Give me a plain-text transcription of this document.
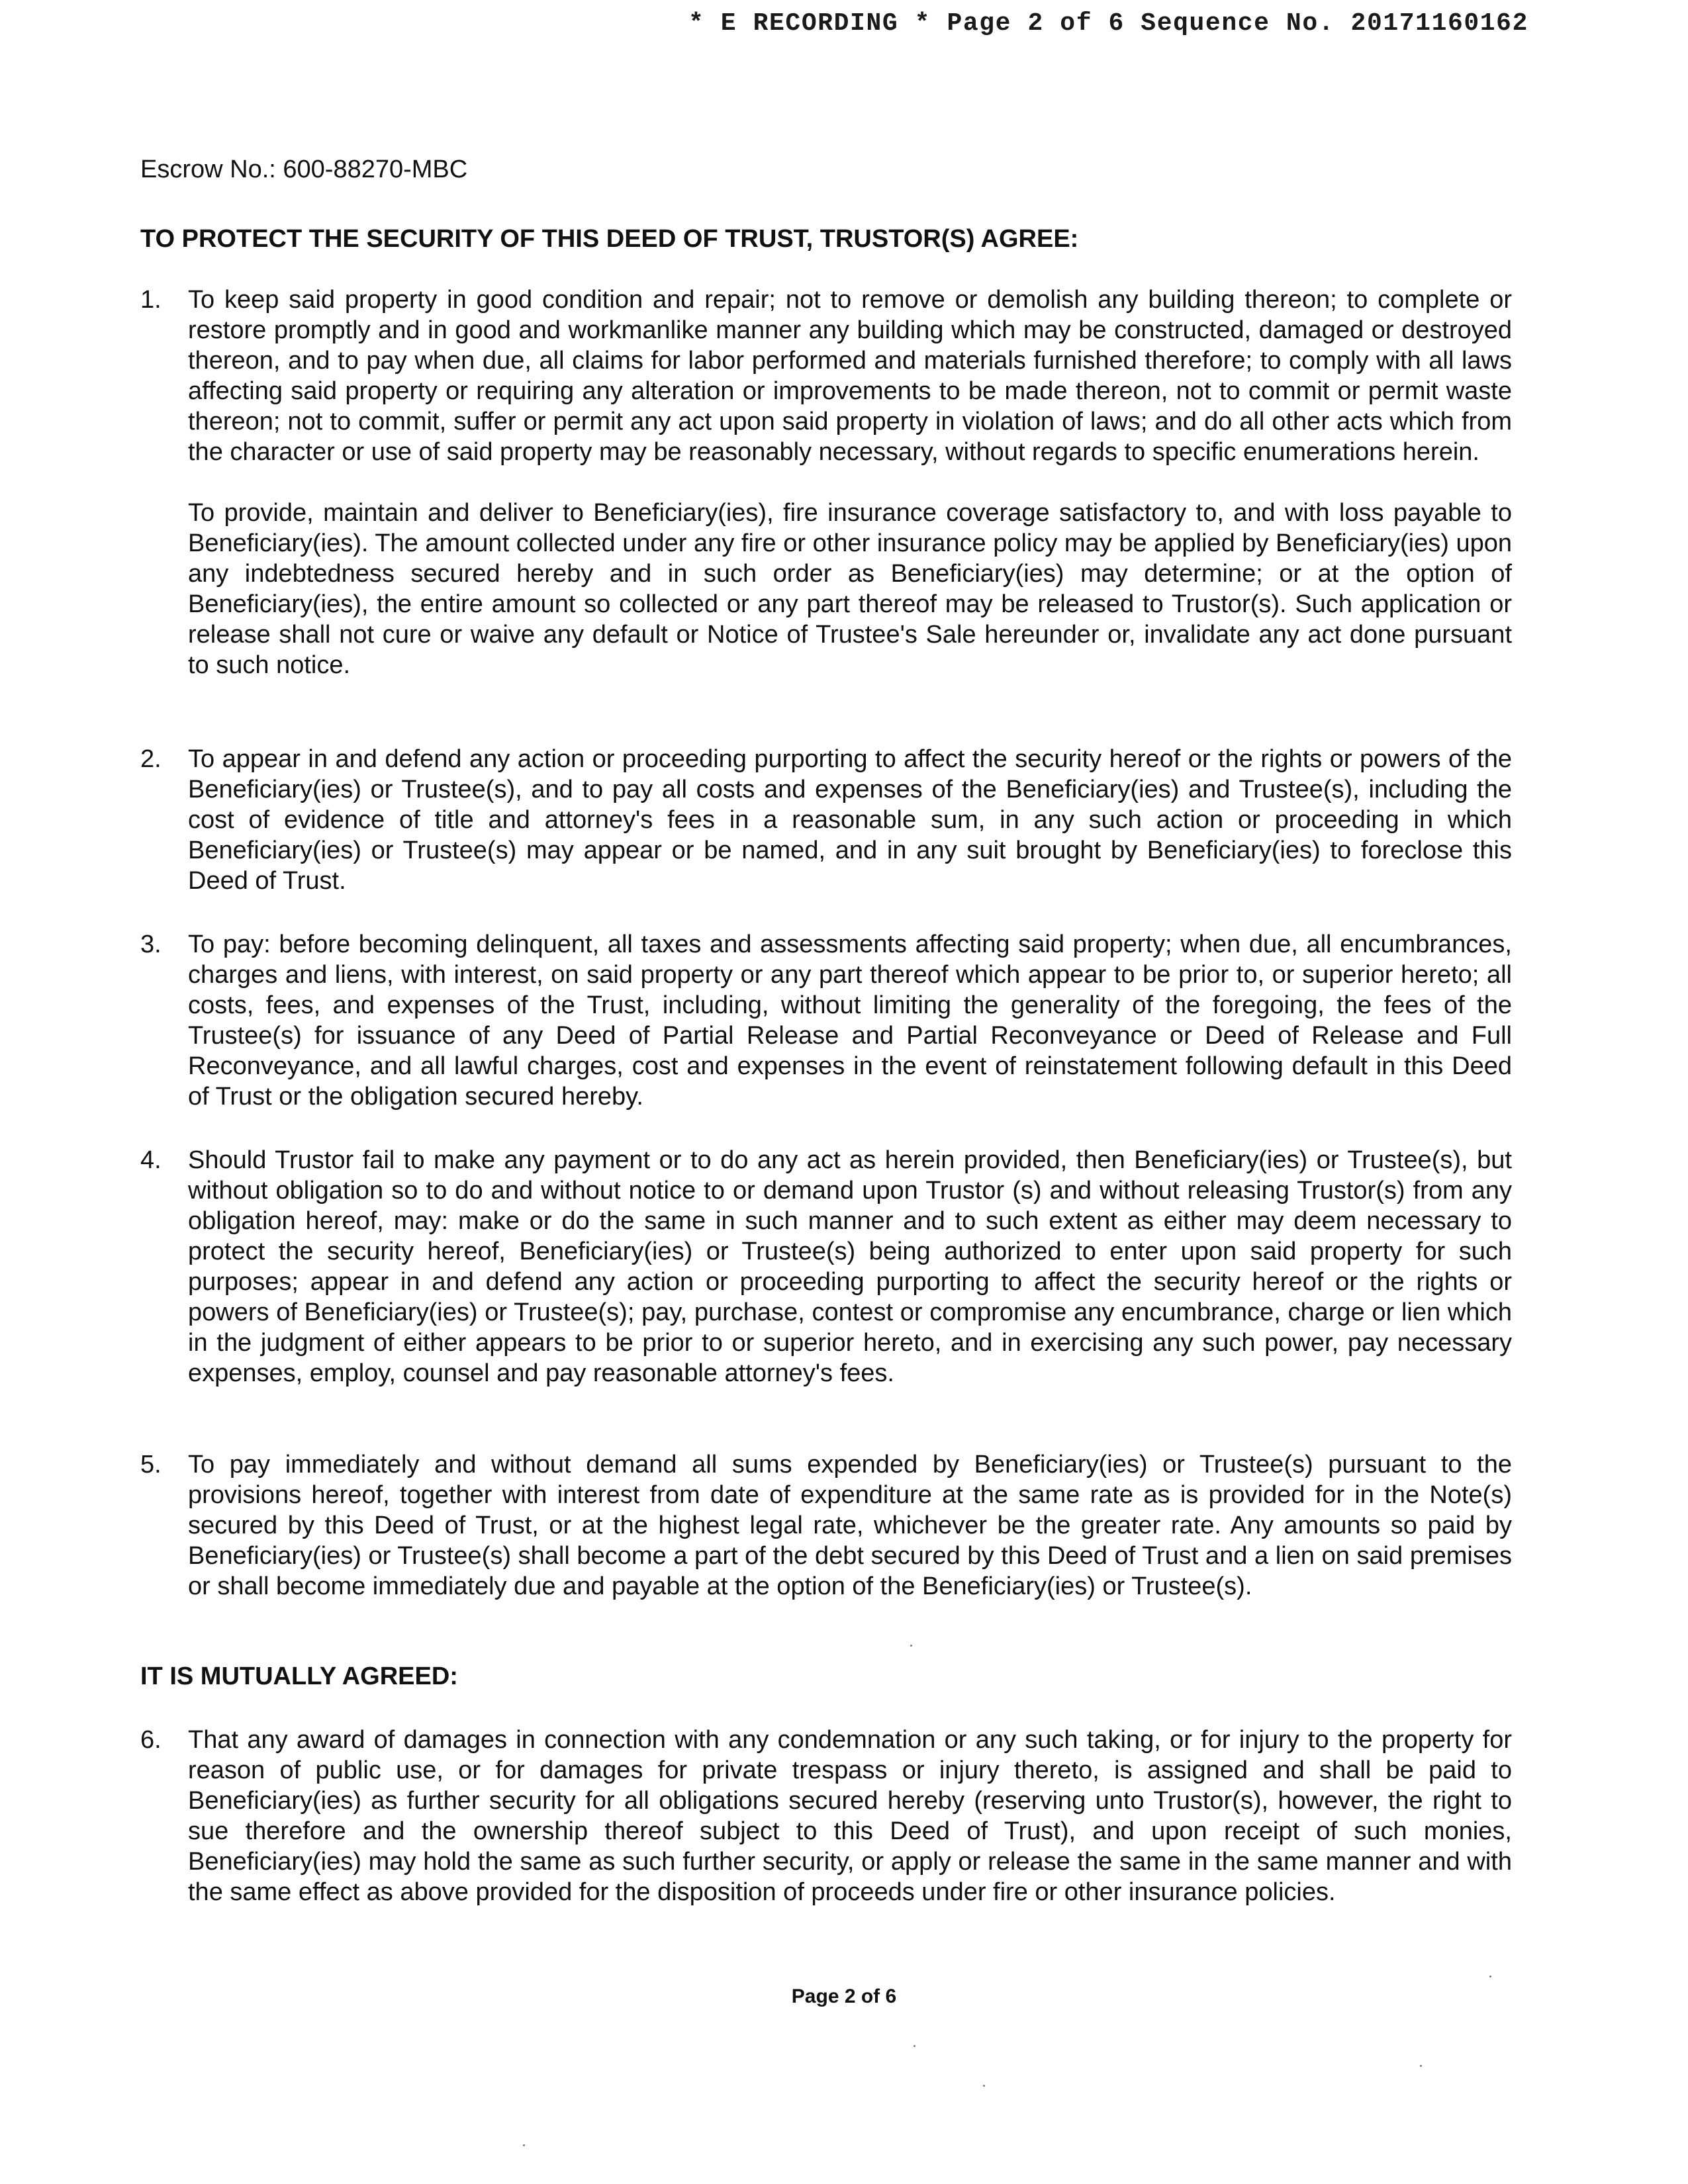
* E RECORDING * Page 2 of 6 Sequence No. 20171160162
Escrow No.: 600-88270-MBC
TO PROTECT THE SECURITY OF THIS DEED OF TRUST, TRUSTOR(S) AGREE:
1. To keep said property in good condition and repair; not to remove or demolish any building thereon; to complete or restore promptly and in good and workmanlike manner any building which may be constructed, damaged or destroyed thereon, and to pay when due, all claims for labor performed and materials furnished therefore; to comply with all laws affecting said property or requiring any alteration or improvements to be made thereon, not to commit or permit waste thereon; not to commit, suffer or permit any act upon said property in violation of laws; and do all other acts which from the character or use of said property may be reasonably necessary, without regards to specific enumerations herein.

To provide, maintain and deliver to Beneficiary(ies), fire insurance coverage satisfactory to, and with loss payable to Beneficiary(ies). The amount collected under any fire or other insurance policy may be applied by Beneficiary(ies) upon any indebtedness secured hereby and in such order as Beneficiary(ies) may determine; or at the option of Beneficiary(ies), the entire amount so collected or any part thereof may be released to Trustor(s). Such application or release shall not cure or waive any default or Notice of Trustee's Sale hereunder or, invalidate any act done pursuant to such notice.

2. To appear in and defend any action or proceeding purporting to affect the security hereof or the rights or powers of the Beneficiary(ies) or Trustee(s), and to pay all costs and expenses of the Beneficiary(ies) and Trustee(s), including the cost of evidence of title and attorney's fees in a reasonable sum, in any such action or proceeding in which Beneficiary(ies) or Trustee(s) may appear or be named, and in any suit brought by Beneficiary(ies) to foreclose this Deed of Trust.

3. To pay: before becoming delinquent, all taxes and assessments affecting said property; when due, all encumbrances, charges and liens, with interest, on said property or any part thereof which appear to be prior to, or superior hereto; all costs, fees, and expenses of the Trust, including, without limiting the generality of the foregoing, the fees of the Trustee(s) for issuance of any Deed of Partial Release and Partial Reconveyance or Deed of Release and Full Reconveyance, and all lawful charges, cost and expenses in the event of reinstatement following default in this Deed of Trust or the obligation secured hereby.

4. Should Trustor fail to make any payment or to do any act as herein provided, then Beneficiary(ies) or Trustee(s), but without obligation so to do and without notice to or demand upon Trustor (s) and without releasing Trustor(s) from any obligation hereof, may: make or do the same in such manner and to such extent as either may deem necessary to protect the security hereof, Beneficiary(ies) or Trustee(s) being authorized to enter upon said property for such purposes; appear in and defend any action or proceeding purporting to affect the security hereof or the rights or powers of Beneficiary(ies) or Trustee(s); pay, purchase, contest or compromise any encumbrance, charge or lien which in the judgment of either appears to be prior to or superior hereto, and in exercising any such power, pay necessary expenses, employ, counsel and pay reasonable attorney's fees.

5. To pay immediately and without demand all sums expended by Beneficiary(ies) or Trustee(s) pursuant to the provisions hereof, together with interest from date of expenditure at the same rate as is provided for in the Note(s) secured by this Deed of Trust, or at the highest legal rate, whichever be the greater rate. Any amounts so paid by Beneficiary(ies) or Trustee(s) shall become a part of the debt secured by this Deed of Trust and a lien on said premises or shall become immediately due and payable at the option of the Beneficiary(ies) or Trustee(s).

IT IS MUTUALLY AGREED:
6. That any award of damages in connection with any condemnation or any such taking, or for injury to the property for reason of public use, or for damages for private trespass or injury thereto, is assigned and shall be paid to Beneficiary(ies) as further security for all obligations secured hereby (reserving unto Trustor(s), however, the right to sue therefore and the ownership thereof subject to this Deed of Trust), and upon receipt of such monies, Beneficiary(ies) may hold the same as such further security, or apply or release the same in the same manner and with the same effect as above provided for the disposition of proceeds under fire or other insurance policies.

Page 2 of 6
